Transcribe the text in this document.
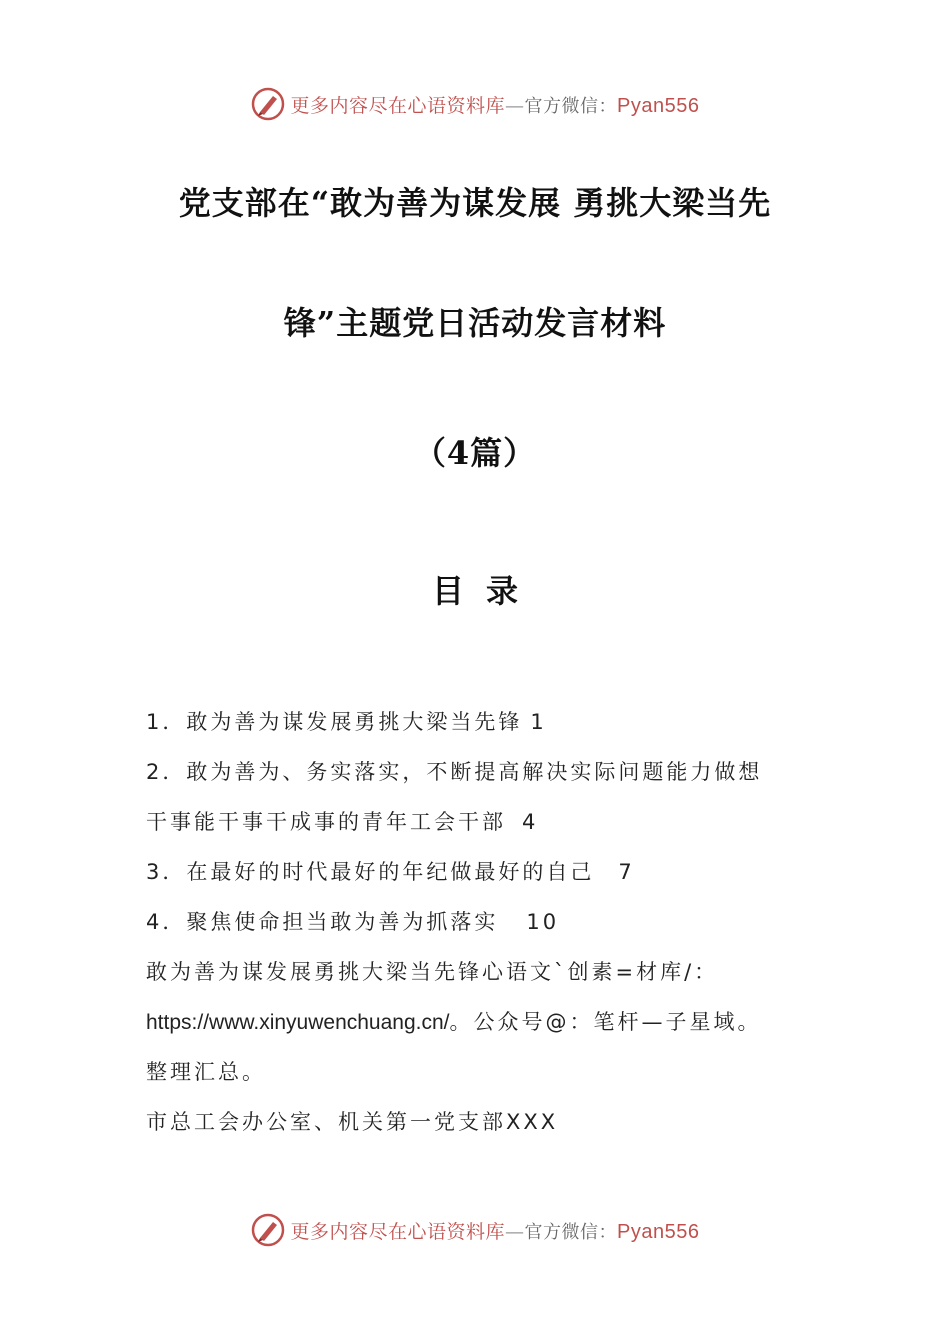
更多内容尽在心语资料库—官方微信：Pyan556
党支部在“敢为善为谋发展 勇挑大梁当先
锋”主题党日活动发言材料
（4篇）
目录
1．敢为善为谋发展勇挑大梁当先锋 1
2．敢为善为、务实落实，不断提高解决实际问题能力做想
干事能干事干成事的青年工会干部 4
3．在最好的时代最好的年纪做最好的自己 7
4．聚焦使命担当敢为善为抓落实 10
敢为善为谋发展勇挑大梁当先锋心语文`创素=材库/：
https://www.xinyuwenchuang.cn/。公众号@：笔杆—子星域。
整理汇总。
市总工会办公室、机关第一党支部XXX
更多内容尽在心语资料库—官方微信：Pyan556
